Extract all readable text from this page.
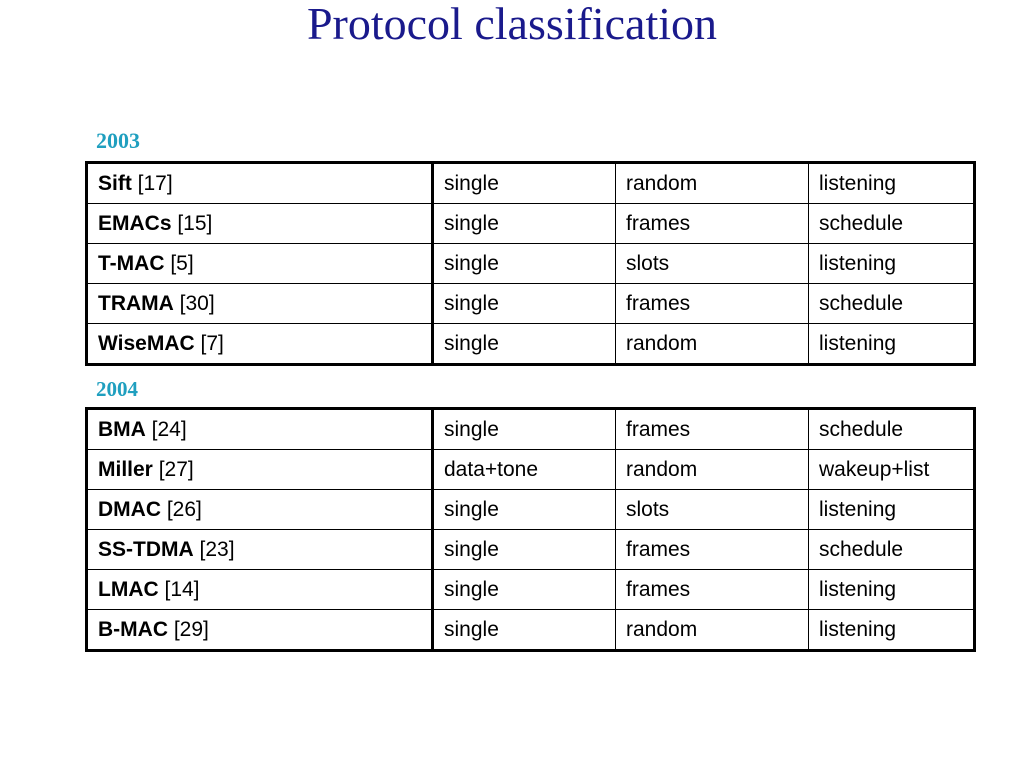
Protocol classification
2003
Sift [17]	single	random	listening
EMACs [15]	single	frames	schedule
T-MAC [5]	single	slots	listening
TRAMA [30]	single	frames	schedule
WiseMAC [7]	single	random	listening
2004
BMA [24]	single	frames	schedule
Miller [27]	data+tone	random	wakeup+list
DMAC [26]	single	slots	listening
SS-TDMA [23]	single	frames	schedule
LMAC [14]	single	frames	listening
B-MAC [29]	single	random	listening
